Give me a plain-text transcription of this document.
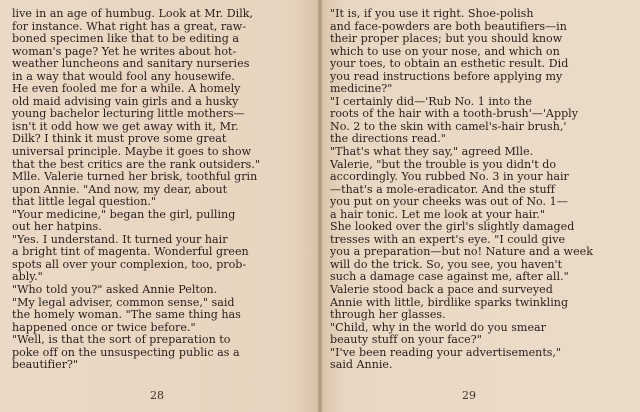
live in an age of humbug. Look at Mr. Dilk,
for instance. What right has a great, raw-
boned specimen like that to be editing a
woman's page? Yet he writes about hot-
weather luncheons and sanitary nurseries
in a way that would fool any housewife.
He even fooled me for a while. A homely
old maid advising vain girls and a husky
young bachelor lecturing little mothers—
isn't it odd how we get away with it, Mr.
Dilk? I think it must prove some great
universal principle. Maybe it goes to show
that the best critics are the rank outsiders."
Mlle. Valerie turned her brisk, toothful grin
upon Annie. "And now, my dear, about
that little legal question."
"Your medicine," began the girl, pulling
out her hatpins.
"Yes. I understand. It turned your hair
a bright tint of magenta. Wonderful green
spots all over your complexion, too, prob-
ably."
"Who told you?" asked Annie Pelton.
"My legal adviser, common sense," said
the homely woman. "The same thing has
happened once or twice before."
"Well, is that the sort of preparation to
poke off on the unsuspecting public as a
beautifier?"
"It is, if you use it right. Shoe-polish
and face-powders are both beautifiers—in
their proper places; but you should know
which to use on your nose, and which on
your toes, to obtain an esthetic result. Did
you read instructions before applying my
medicine?"
"I certainly did—'Rub No. 1 into the
roots of the hair with a tooth-brush'—'Apply
No. 2 to the skin with camel's-hair brush,'
the directions read."
"That's what they say," agreed Mlle.
Valerie, "but the trouble is you didn't do
accordingly. You rubbed No. 3 in your hair
—that's a mole-eradicator. And the stuff
you put on your cheeks was out of No. 1—
a hair tonic. Let me look at your hair."
She looked over the girl's slightly damaged
tresses with an expert's eye. "I could give
you a preparation—but no! Nature and a week
will do the trick. So, you see, you haven't
such a damage case against me, after all."
Valerie stood back a pace and surveyed
Annie with little, birdlike sparks twinkling
through her glasses.
"Child, why in the world do you smear
beauty stuff on your face?"
"I've been reading your advertisements,"
said Annie.
28	29
